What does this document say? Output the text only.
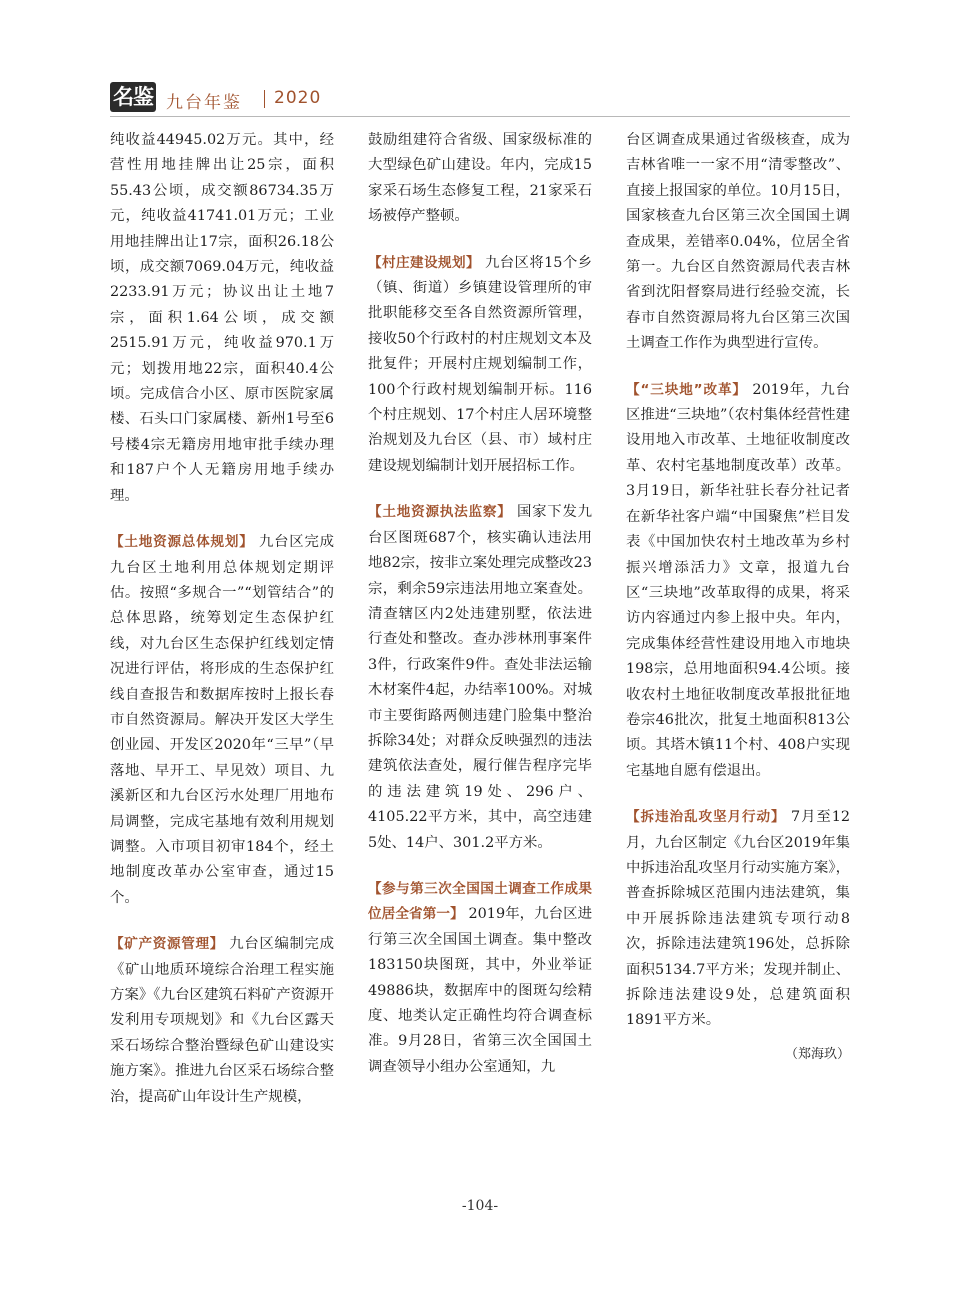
名鉴 九台年鉴 2020

纯收益44945.02万元。其中，经营性用地挂牌出让25宗，面积55.43公顷，成交额86734.35万元，纯收益41741.01万元；工业用地挂牌出让17宗，面积26.18公顷，成交额7069.04万元，纯收益2233.91万元；协议出让土地7宗，面积1.64公顷，成交额2515.91万元，纯收益970.1万元；划拨用地22宗，面积40.4公顷。完成信合小区、原市医院家属楼、石头口门家属楼、新州1号至6号楼4宗无籍房用地审批手续办理和187户个人无籍房用地手续办理。

【土地资源总体规划】 九台区完成九台区土地利用总体规划定期评估。按照“多规合一”“划管结合”的总体思路，统筹划定生态保护红线，对九台区生态保护红线划定情况进行评估，将形成的生态保护红线自查报告和数据库按时上报长春市自然资源局。解决开发区大学生创业园、开发区2020年“三早”（早落地、早开工、早见效）项目、九溪新区和九台区污水处理厂用地布局调整，完成宅基地有效利用规划调整。入市项目初审184个，经土地制度改革办公室审查，通过15个。

【矿产资源管理】 九台区编制完成《矿山地质环境综合治理工程实施方案》《九台区建筑石料矿产资源开发利用专项规划》和《九台区露天采石场综合整治暨绿色矿山建设实施方案》。推进九台区采石场综合整治，提高矿山年设计生产规模，

鼓励组建符合省级、国家级标准的大型绿色矿山建设。年内，完成15家采石场生态修复工程，21家采石场被停产整顿。

【村庄建设规划】 九台区将15个乡（镇、街道）乡镇建设管理所的审批职能移交至各自然资源所管理，接收50个行政村的村庄规划文本及批复件；开展村庄规划编制工作，100个行政村规划编制开标。116个村庄规划、17个村庄人居环境整治规划及九台区（县、市）域村庄建设规划编制计划开展招标工作。

【土地资源执法监察】 国家下发九台区图斑687个，核实确认违法用地82宗，按非立案处理完成整改23宗，剩余59宗违法用地立案查处。清查辖区内2处违建别墅，依法进行查处和整改。查办涉林刑事案件3件，行政案件9件。查处非法运输木材案件4起，办结率100%。对城市主要街路两侧违建门脸集中整治拆除34处；对群众反映强烈的违法建筑依法查处，履行催告程序完毕的违法建筑19处、296户、4105.22平方米，其中，高空违建5处、14户、301.2平方米。

【参与第三次全国国土调查工作成果位居全省第一】 2019年，九台区进行第三次全国国土调查。集中整改183150块图斑，其中，外业举证49886块，数据库中的图斑勾绘精度、地类认定正确性均符合调查标准。9月28日，省第三次全国国土调查领导小组办公室通知，九

台区调查成果通过省级核查，成为吉林省唯一一家不用“清零整改”、直接上报国家的单位。10月15日，国家核查九台区第三次全国国土调查成果，差错率0.04%，位居全省第一。九台区自然资源局代表吉林省到沈阳督察局进行经验交流，长春市自然资源局将九台区第三次国土调查工作作为典型进行宣传。

【“三块地”改革】 2019年，九台区推进“三块地”（农村集体经营性建设用地入市改革、土地征收制度改革、农村宅基地制度改革）改革。3月19日，新华社驻长春分社记者在新华社客户端“中国聚焦”栏目发表《中国加快农村土地改革为乡村振兴增添活力》文章，报道九台区“三块地”改革取得的成果，将采访内容通过内参上报中央。年内，完成集体经营性建设用地入市地块198宗，总用地面积94.4公顷。接收农村土地征收制度改革报批征地卷宗46批次，批复土地面积813公顷。其塔木镇11个村、408户实现宅基地自愿有偿退出。

【拆违治乱攻坚月行动】 7月至12月，九台区制定《九台区2019年集中拆违治乱攻坚月行动实施方案》，普查拆除城区范围内违法建筑，集中开展拆除违法建筑专项行动8次，拆除违法建筑196处，总拆除面积5134.7平方米；发现并制止、拆除违法建设9处，总建筑面积1891平方米。
（郑海玖）

-104-
